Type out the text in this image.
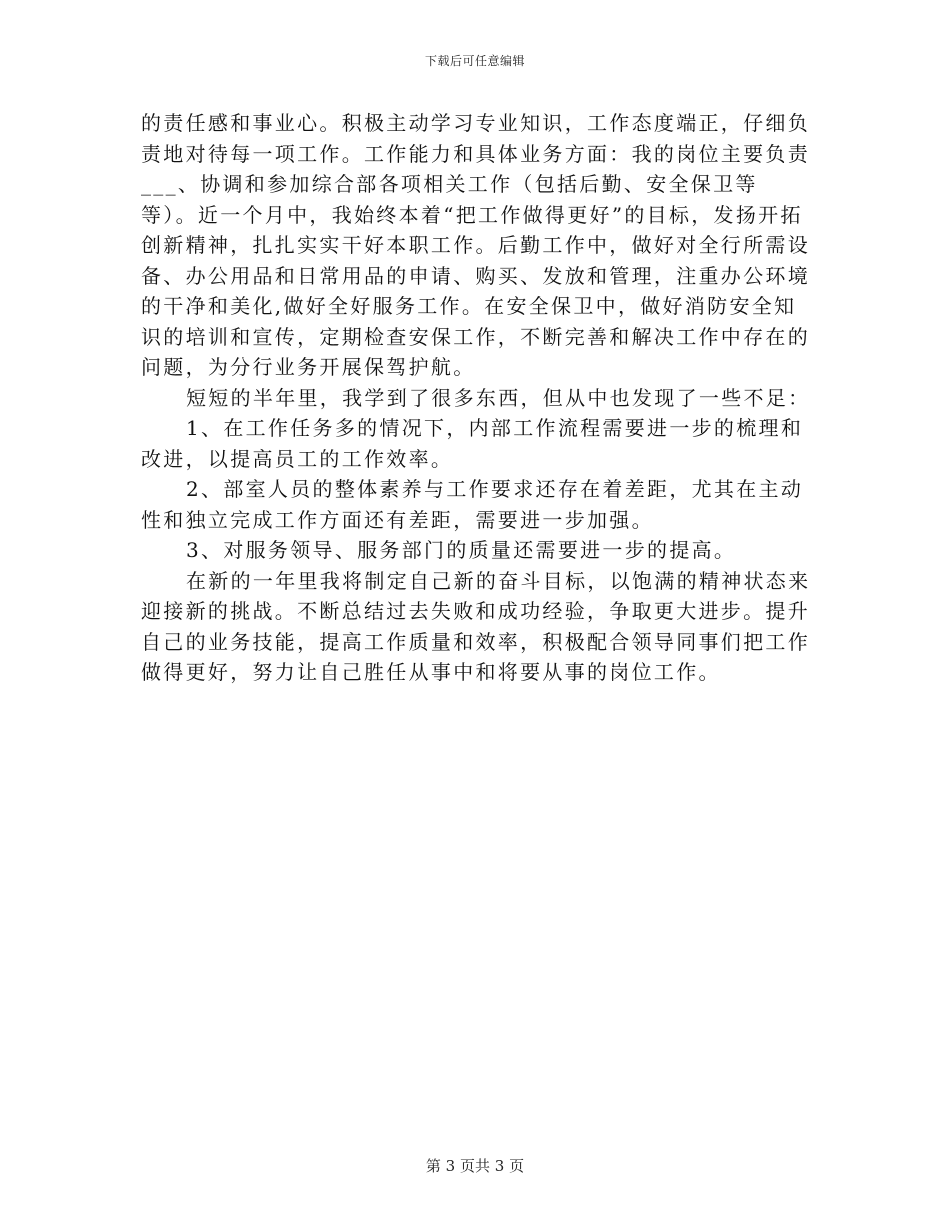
下载后可任意编辑

的责任感和事业心。积极主动学习专业知识，工作态度端正，仔细负责地对待每一项工作。工作能力和具体业务方面：我的岗位主要负责___、协调和参加综合部各项相关工作（包括后勤、安全保卫等等）。近一个月中，我始终本着“把工作做得更好”的目标，发扬开拓创新精神，扎扎实实干好本职工作。后勤工作中，做好对全行所需设备、办公用品和日常用品的申请、购买、发放和管理，注重办公环境的干净和美化,做好全好服务工作。在安全保卫中，做好消防安全知识的培训和宣传，定期检查安保工作，不断完善和解决工作中存在的问题，为分行业务开展保驾护航。

短短的半年里，我学到了很多东西，但从中也发现了一些不足：

1、在工作任务多的情况下，内部工作流程需要进一步的梳理和改进，以提高员工的工作效率。

2、部室人员的整体素养与工作要求还存在着差距，尤其在主动性和独立完成工作方面还有差距，需要进一步加强。

3、对服务领导、服务部门的质量还需要进一步的提高。

在新的一年里我将制定自己新的奋斗目标，以饱满的精神状态来迎接新的挑战。不断总结过去失败和成功经验，争取更大进步。提升自己的业务技能，提高工作质量和效率，积极配合领导同事们把工作做得更好，努力让自己胜任从事中和将要从事的岗位工作。

第 3 页共 3 页
